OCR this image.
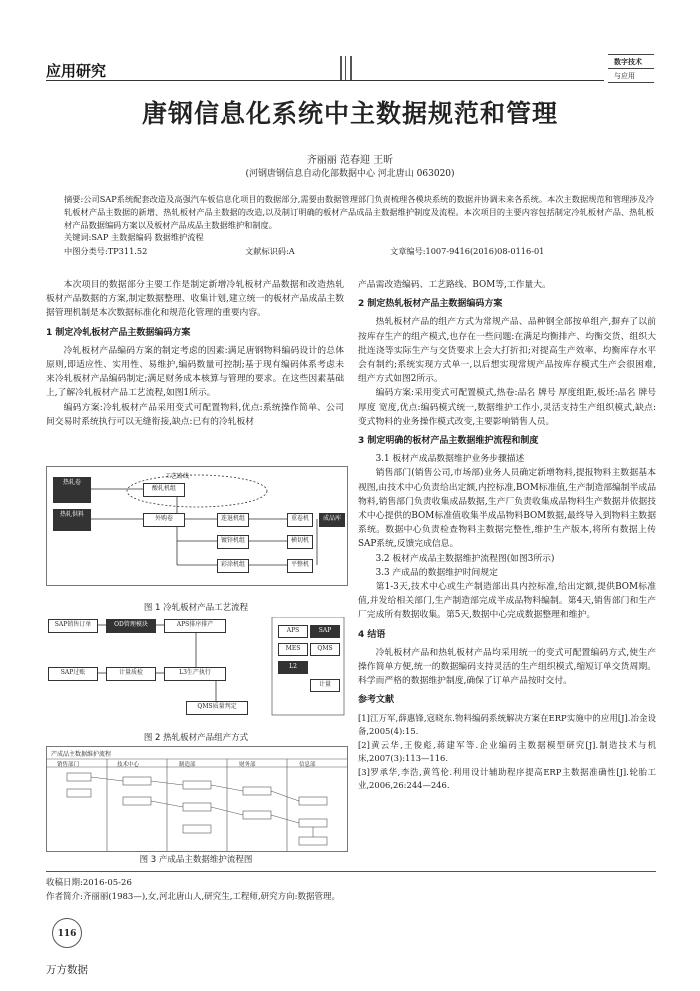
应用研究
数字技术
与应用
唐钢信息化系统中主数据规范和管理
齐丽丽 范春迎 王昕
(河钢唐钢信息自动化部数据中心 河北唐山 063020)
摘要:公司SAP系统配套改造及高强汽车板信息化项目的数据部分,需要由数据管理部门负责梳理各模块系统的数据并协调未来各系统。本次主数据规范和管理涉及冷轧板材产品主数据的新增、热轧板材产品主数据的改造,以及制订明确的板材产品成品主数据维护制度及流程。本次项目的主要内容包括制定冷轧板材产品、热轧板材产品数据编码方案以及板材产品成品主数据维护和制度。
关键词:SAP 主数据编码 数据维护流程
中图分类号:TP311.52	文献标识码:A	文章编号:1007-9416(2016)08-0116-01

本次项目的数据部分主要工作是制定新增冷轧板材产品数据和改造热轧板材产品数据的方案,制定数据整理、收集计划,建立统一的板材产品成品主数据管理机制是本次数据标准化和规范化管理的重要内容。

1 制定冷轧板材产品主数据编码方案

冷轧板材产品编码方案的制定考虑的因素:满足唐钢物料编码设计的总体原则,即适应性、实用性、易维护,编码数量可控制;基于现有编码体系考虑未来冷轧板材产品编码制定;满足财务成本核算与管理的要求。在这些因素基础上,了解冷轧板材产品工艺流程,如图1所示。

编码方案:冷轧板材产品采用变式可配置物料,优点:系统操作简单、公司间交易时系统执行可以无缝衔接,缺点:已有的冷轧板材

热轧卷
热轧供料
酸轧机组
外购卷	连退机组
镀锌机组
彩涂机组
重卷机
横切机
平整机
成品库
工艺路线
图 1 冷轧板材产品工艺流程
SAP销售订单	OD管理模块	APS排序排产
SAP过账	计量质检	L3生产执行
QMS质量判定
APS
MES	QMS
L2
SAP
计量
图 2 热轧板材产品组产方式
产成品主数据维护流程
销售部门	技术中心	制造部	财务部	信息部
图 3 产成品主数据维护流程图
产品需改造编码、工艺路线、BOM等,工作量大。
2 制定热轧板材产品主数据编码方案

热轧板材产品的组产方式为常规产品、品种钢全部按单组产,摒弃了以前按库存生产的组产模式,也存在一些问题:在满足均衡排产、均衡交货、组织大批连浇等实际生产与交货要求上会大打折扣;对提高生产效率、均衡库存水平会有制约;系统实现方式单一,以后想实现常规产品按库存模式生产会很困难,组产方式如图2所示。

编码方案:采用变式可配置模式,热卷:品名 牌号 厚度组距,板坯:品名 牌号 厚度 宽度,优点:编码模式统一,数据维护工作小,灵活支持生产组织模式,缺点:变式物料的业务操作模式改变,主要影响销售人员。

3 制定明确的板材产品主数据维护流程和制度

3.1 板材产成品数据维护业务步骤描述

销售部门(销售公司,市场部)业务人员确定新增物料,提报物料主数据基本视图,由技术中心负责给出定额,内控标准,BOM标准值,生产制造部编制半成品物料,销售部门负责收集成品数据,生产厂负责收集成品物料生产数据并依据技术中心提供的BOM标准值收集半成品物料BOM数据,最终导入到物料主数据系统。数据中心负责检查物料主数据完整性,维护生产版本,将所有数据上传SAP系统,反馈完成信息。

3.2 板材产成品主数据维护流程图(如图3所示)

3.3 产成品的数据维护时间规定

第1-3天,技术中心或生产制造部出具内控标准,给出定额,提供BOM标准值,并发给相关部门,生产制造部完成半成品物料编制。第4天,销售部门和生产厂完成所有数据收集。第5天,数据中心完成数据整理和维护。

4 结语

冷轧板材产品和热轧板材产品均采用统一的变式可配置编码方式,使生产操作简单方便,统一的数据编码支持灵活的生产组织模式,缩短订单交货周期。科学而严格的数据维护制度,确保了订单产品按时交付。

参考文献

[1]江万军,薛惠锋,寇晓东.物料编码系统解决方案在ERP实施中的应用[J].冶金设备,2005(4):15.

[2]黄云华,王俊彪,蒋建军等.企业编码主数据模型研究[J].制造技术与机床,2007(3):113—116.

[3]罗承华,李浩,黄笃伦.利用设计辅助程序提高ERP主数据准确性[J].轮胎工业,2006,26:244—246.

收稿日期:2016-05-26
作者简介:齐丽丽(1983—),女,河北唐山人,研究生,工程师,研究方向:数据管理。
116
万方数据
